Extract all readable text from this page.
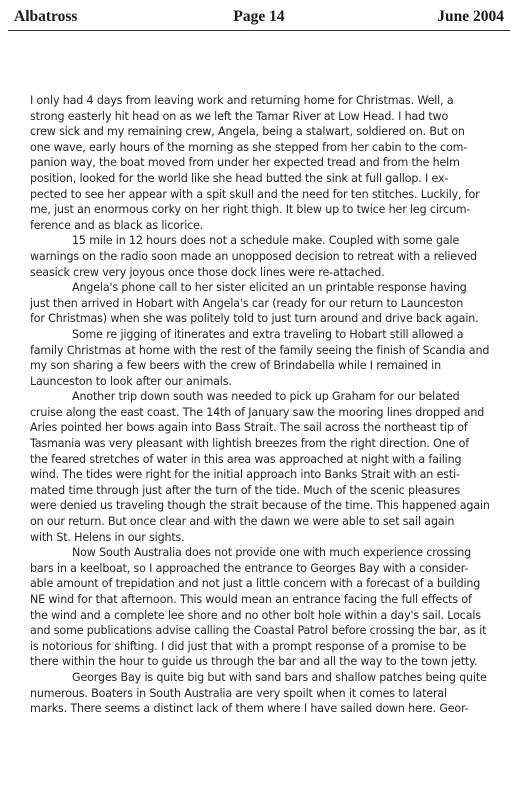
Albatross	Page 14	June 2004
I only had 4 days from leaving work and returning home for Christmas. Well, a
strong easterly hit head on as we left the Tamar River at Low Head. I had two
crew sick and my remaining crew, Angela, being a stalwart, soldiered on. But on
one wave, early hours of the morning as she stepped from her cabin to the com-
panion way, the boat moved from under her expected tread and from the helm
position, looked for the world like she head butted the sink at full gallop. I ex-
pected to see her appear with a spit skull and the need for ten stitches. Luckily, for
me, just an enormous corky on her right thigh. It blew up to twice her leg circum-
ference and as black as licorice.
15 mile in 12 hours does not a schedule make. Coupled with some gale
warnings on the radio soon made an unopposed decision to retreat with a relieved
seasick crew very joyous once those dock lines were re-attached.
Angela's phone call to her sister elicited an un printable response having
just then arrived in Hobart with Angela's car (ready for our return to Launceston
for Christmas) when she was politely told to just turn around and drive back again.
Some re jigging of itinerates and extra traveling to Hobart still allowed a
family Christmas at home with the rest of the family seeing the finish of Scandia and
my son sharing a few beers with the crew of Brindabella while I remained in
Launceston to look after our animals.
Another trip down south was needed to pick up Graham for our belated
cruise along the east coast. The 14th of January saw the mooring lines dropped and
Aries pointed her bows again into Bass Strait. The sail across the northeast tip of
Tasmania was very pleasant with lightish breezes from the right direction. One of
the feared stretches of water in this area was approached at night with a failing
wind. The tides were right for the initial approach into Banks Strait with an esti-
mated time through just after the turn of the tide. Much of the scenic pleasures
were denied us traveling though the strait because of the time. This happened again
on our return. But once clear and with the dawn we were able to set sail again
with St. Helens in our sights.
Now South Australia does not provide one with much experience crossing
bars in a keelboat, so I approached the entrance to Georges Bay with a consider-
able amount of trepidation and not just a little concern with a forecast of a building
NE wind for that afternoon. This would mean an entrance facing the full effects of
the wind and a complete lee shore and no other bolt hole within a day's sail. Locals
and some publications advise calling the Coastal Patrol before crossing the bar, as it
is notorious for shifting. I did just that with a prompt response of a promise to be
there within the hour to guide us through the bar and all the way to the town jetty.
Georges Bay is quite big but with sand bars and shallow patches being quite
numerous. Boaters in South Australia are very spoilt when it comes to lateral
marks. There seems a distinct lack of them where I have sailed down here. Geor-
